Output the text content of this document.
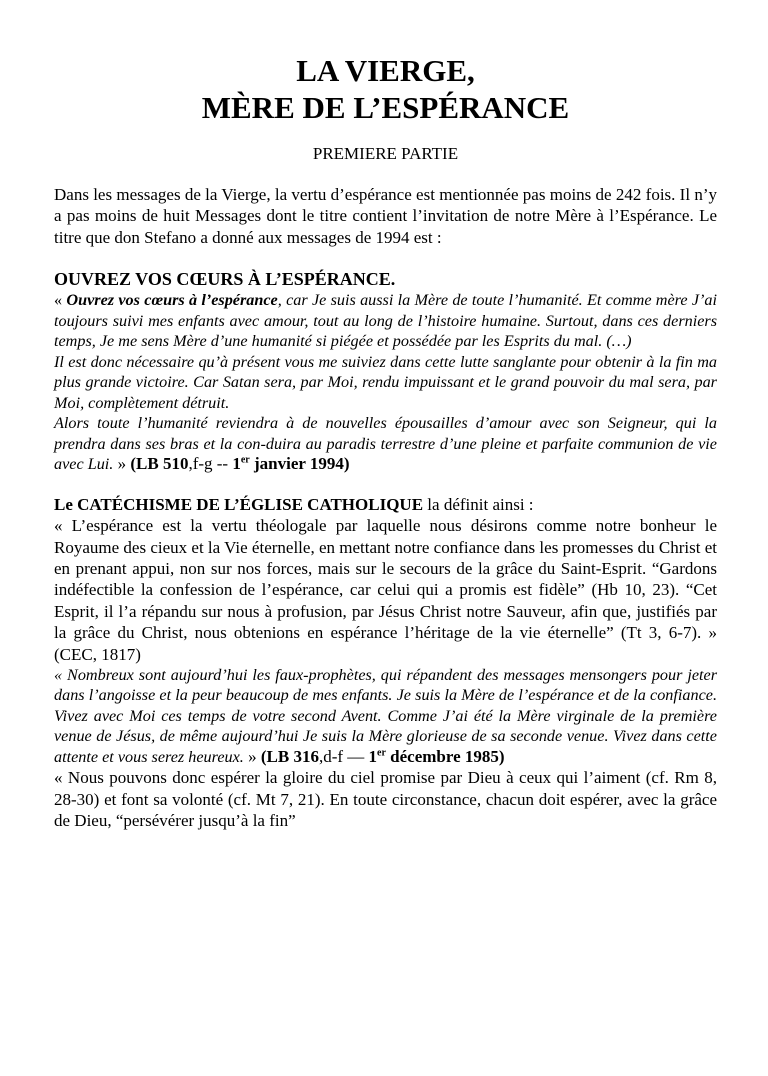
LA VIERGE,
MÈRE DE L’ESPÉRANCE
PREMIERE PARTIE

Dans les messages de la Vierge, la vertu d’espérance est mentionnée pas moins de 242 fois. Il n’y a pas moins de huit Messages dont le titre contient l’invitation de notre Mère à l’Espérance. Le titre que don Stefano a donné aux messages de 1994 est :

OUVREZ VOS CŒURS À L’ESPÉRANCE.

« Ouvrez vos cœurs à l’espérance, car Je suis aussi la Mère de toute l’humanité. Et comme mère J’ai toujours suivi mes enfants avec amour, tout au long de l’histoire humaine. Surtout, dans ces derniers temps, Je me sens Mère d’une humanité si piégée et possédée par les Esprits du mal. (…)

Il est donc nécessaire qu’à présent vous me suiviez dans cette lutte sanglante pour obtenir à la fin ma plus grande victoire. Car Satan sera, par Moi, rendu impuissant et le grand pouvoir du mal sera, par Moi, complètement détruit.

Alors toute l’humanité reviendra à de nouvelles épousailles d’amour avec son Seigneur, qui la prendra dans ses bras et la con-duira au paradis terrestre d’une pleine et parfaite communion de vie avec Lui. » (LB 510,f-g -- 1er janvier 1994)

Le CATÉCHISME DE L’ÉGLISE CATHOLIQUE la définit ainsi :

« L’espérance est la vertu théologale par laquelle nous désirons comme notre bonheur le Royaume des cieux et la Vie éternelle, en mettant notre confiance dans les promesses du Christ et en prenant appui, non sur nos forces, mais sur le secours de la grâce du Saint-Esprit. “Gardons indéfectible la confession de l’espérance, car celui qui a promis est fidèle” (Hb 10, 23). “Cet Esprit, il l’a répandu sur nous à profusion, par Jésus Christ notre Sauveur, afin que, justifiés par la grâce du Christ, nous obtenions en espérance l’héritage de la vie éternelle” (Tt 3, 6-7). » (CEC, 1817)

« Nombreux sont aujourd’hui les faux-prophètes, qui répandent des messages mensongers pour jeter dans l’angoisse et la peur beaucoup de mes enfants. Je suis la Mère de l’espérance et de la confiance. Vivez avec Moi ces temps de votre second Avent. Comme J’ai été la Mère virginale de la première venue de Jésus, de même aujourd’hui Je suis la Mère glorieuse de sa seconde venue. Vivez dans cette attente et vous serez heureux. » (LB 316,d-f — 1er décembre 1985)

« Nous pouvons donc espérer la gloire du ciel promise par Dieu à ceux qui l’aiment (cf. Rm 8, 28-30) et font sa volonté (cf. Mt 7, 21). En toute circonstance, chacun doit espérer, avec la grâce de Dieu, “persévérer jusqu’à la fin”
